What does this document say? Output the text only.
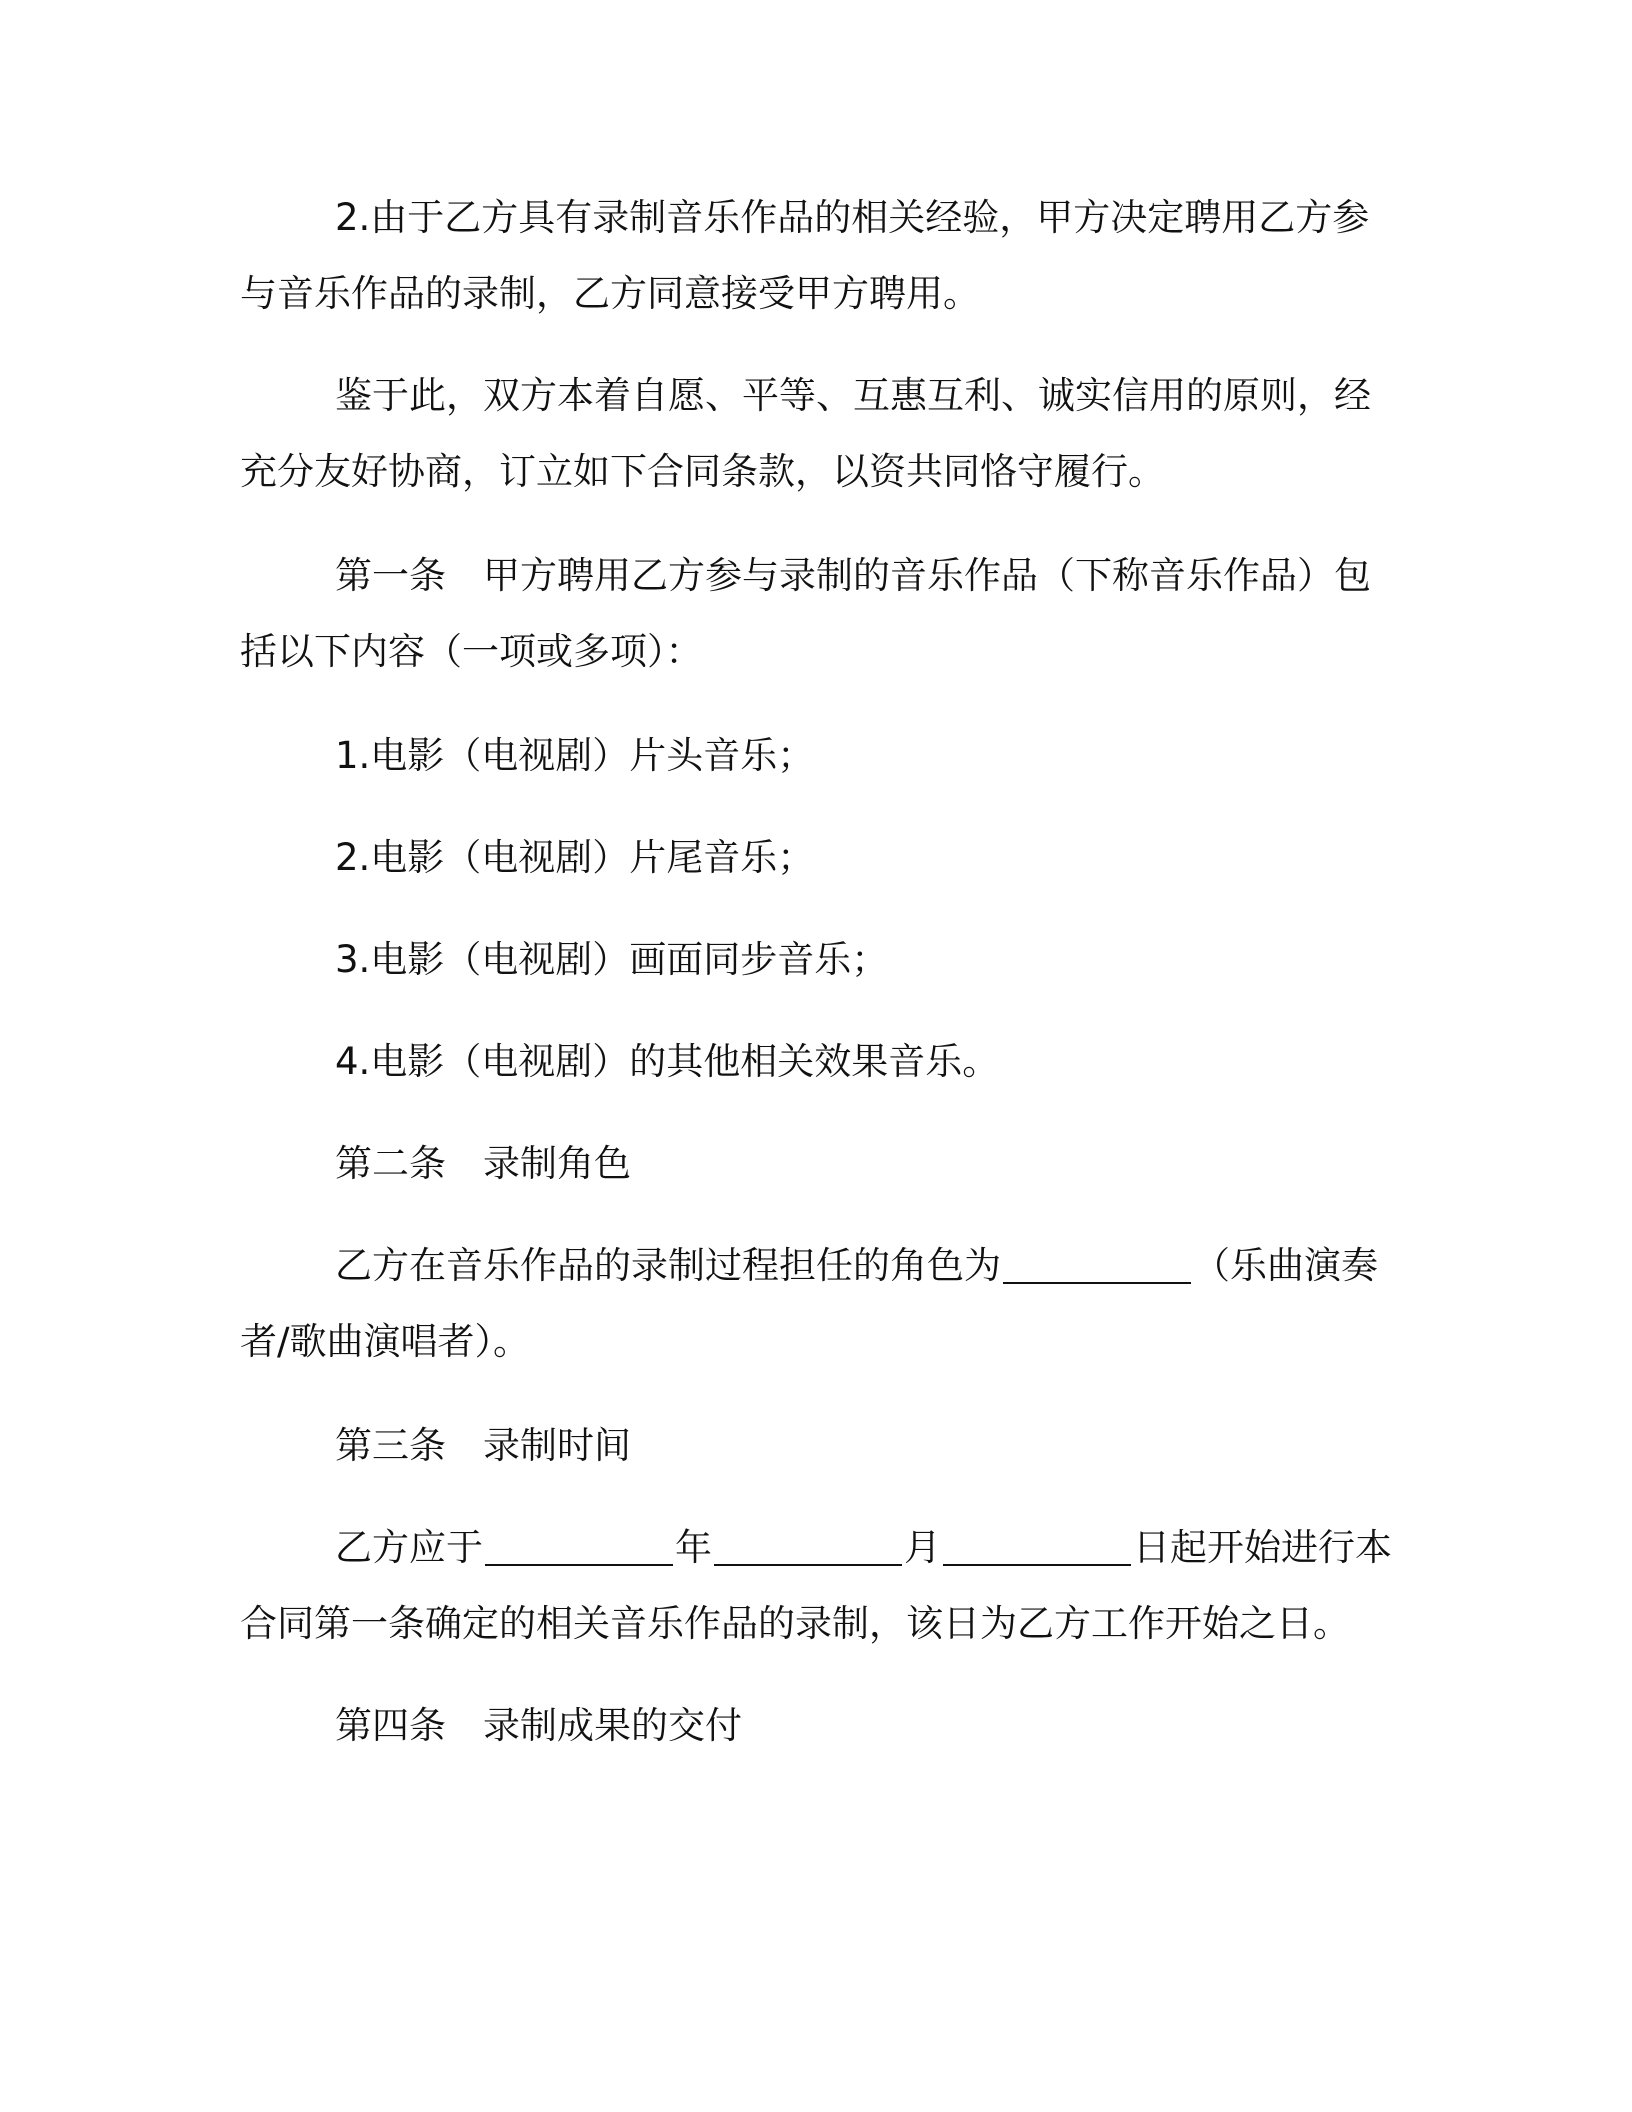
2.由于乙方具有录制音乐作品的相关经验，甲方决定聘用乙方参
与音乐作品的录制，乙方同意接受甲方聘用。
鉴于此，双方本着自愿、平等、互惠互利、诚实信用的原则，经
充分友好协商，订立如下合同条款，以资共同恪守履行。
第一条　甲方聘用乙方参与录制的音乐作品（下称音乐作品）包
括以下内容（一项或多项）：
1.电影（电视剧）片头音乐；
2.电影（电视剧）片尾音乐；
3.电影（电视剧）画面同步音乐；
4.电影（电视剧）的其他相关效果音乐。
第二条　录制角色
乙方在音乐作品的录制过程担任的角色为	（乐曲演奏
者/歌曲演唱者）。
第三条　录制时间
乙方应于	年	月	日起开始进行本
合同第一条确定的相关音乐作品的录制，该日为乙方工作开始之日。
第四条　录制成果的交付
